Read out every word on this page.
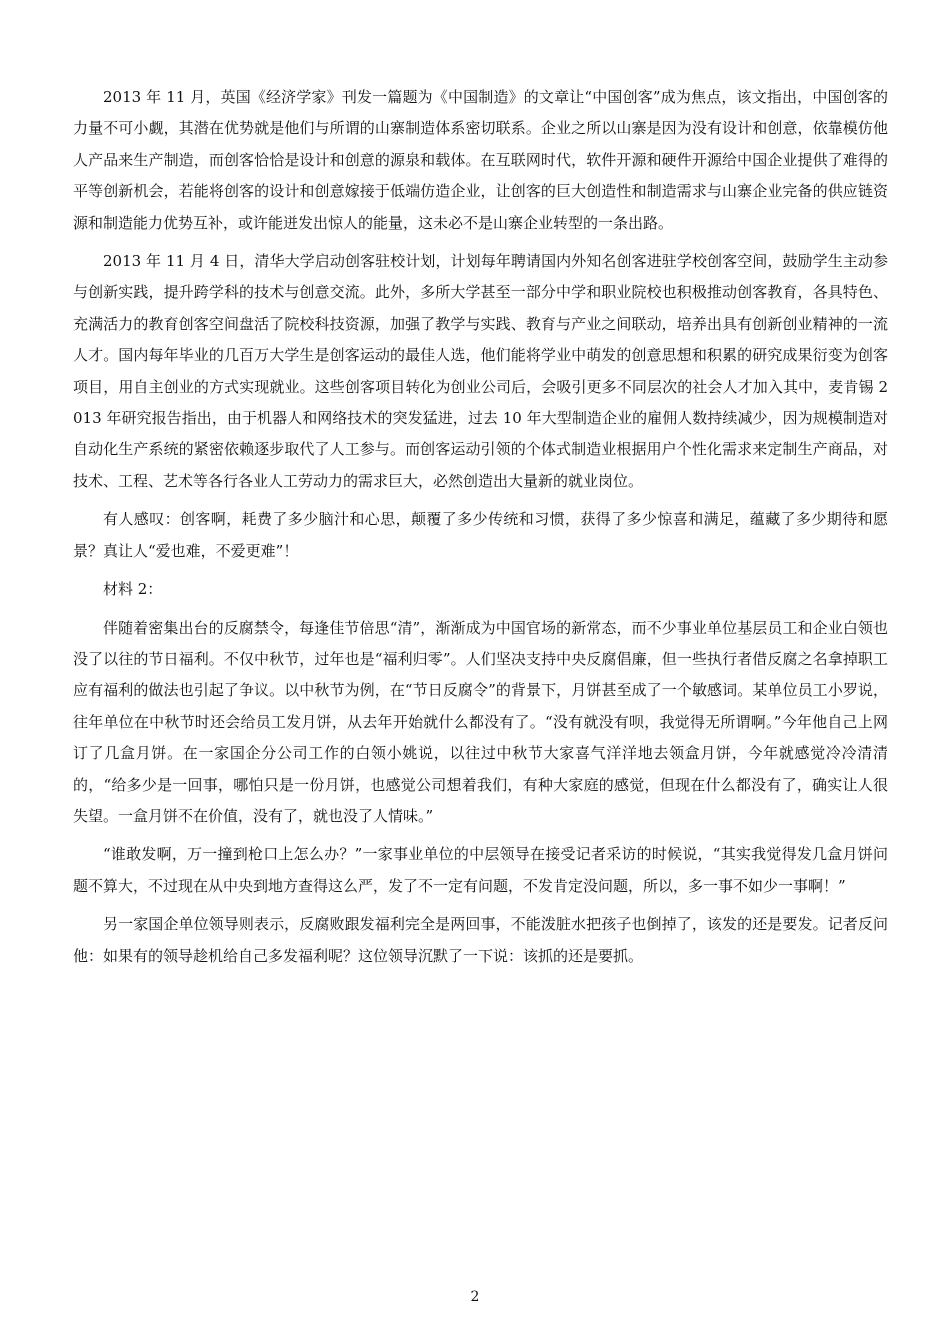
2013 年 11 月，英国《经济学家》刊发一篇题为《中国制造》的文章让“中国创客”成为焦点，该文指出，中国创客的力量不可小觑，其潜在优势就是他们与所谓的山寨制造体系密切联系。企业之所以山寨是因为没有设计和创意，依靠模仿他人产品来生产制造，而创客恰恰是设计和创意的源泉和载体。在互联网时代，软件开源和硬件开源给中国企业提供了难得的平等创新机会，若能将创客的设计和创意嫁接于低端仿造企业，让创客的巨大创造性和制造需求与山寨企业完备的供应链资源和制造能力优势互补，或许能迸发出惊人的能量，这未必不是山寨企业转型的一条出路。

2013 年 11 月 4 日，清华大学启动创客驻校计划，计划每年聘请国内外知名创客进驻学校创客空间，鼓励学生主动参与创新实践，提升跨学科的技术与创意交流。此外，多所大学甚至一部分中学和职业院校也积极推动创客教育，各具特色、充满活力的教育创客空间盘活了院校科技资源，加强了教学与实践、教育与产业之间联动，培养出具有创新创业精神的一流人才。国内每年毕业的几百万大学生是创客运动的最佳人选，他们能将学业中萌发的创意思想和积累的研究成果衍变为创客项目，用自主创业的方式实现就业。这些创客项目转化为创业公司后，会吸引更多不同层次的社会人才加入其中，麦肯锡 2013 年研究报告指出，由于机器人和网络技术的突发猛进，过去 10 年大型制造企业的雇佣人数持续减少，因为规模制造对自动化生产系统的紧密依赖逐步取代了人工参与。而创客运动引领的个体式制造业根据用户个性化需求来定制生产商品，对技术、工程、艺术等各行各业人工劳动力的需求巨大，必然创造出大量新的就业岗位。

有人感叹：创客啊，耗费了多少脑汁和心思，颠覆了多少传统和习惯，获得了多少惊喜和满足，蕴藏了多少期待和愿景？真让人“爱也难，不爱更难”！

材料 2：

伴随着密集出台的反腐禁令，每逢佳节倍思“清”，渐渐成为中国官场的新常态，而不少事业单位基层员工和企业白领也没了以往的节日福利。不仅中秋节，过年也是“福利归零”。人们坚决支持中央反腐倡廉，但一些执行者借反腐之名拿掉职工应有福利的做法也引起了争议。以中秋节为例，在“节日反腐令”的背景下，月饼甚至成了一个敏感词。某单位员工小罗说，往年单位在中秋节时还会给员工发月饼，从去年开始就什么都没有了。“没有就没有呗，我觉得无所谓啊。”今年他自己上网订了几盒月饼。在一家国企分公司工作的白领小姚说，以往过中秋节大家喜气洋洋地去领盒月饼，今年就感觉冷冷清清的，“给多少是一回事，哪怕只是一份月饼，也感觉公司想着我们，有种大家庭的感觉，但现在什么都没有了，确实让人很失望。一盒月饼不在价值，没有了，就也没了人情味。”

“谁敢发啊，万一撞到枪口上怎么办？”一家事业单位的中层领导在接受记者采访的时候说，“其实我觉得发几盒月饼问题不算大，不过现在从中央到地方查得这么严，发了不一定有问题，不发肯定没问题，所以，多一事不如少一事啊！”

另一家国企单位领导则表示，反腐败跟发福利完全是两回事，不能泼脏水把孩子也倒掉了，该发的还是要发。记者反问他：如果有的领导趁机给自己多发福利呢？这位领导沉默了一下说：该抓的还是要抓。

2
